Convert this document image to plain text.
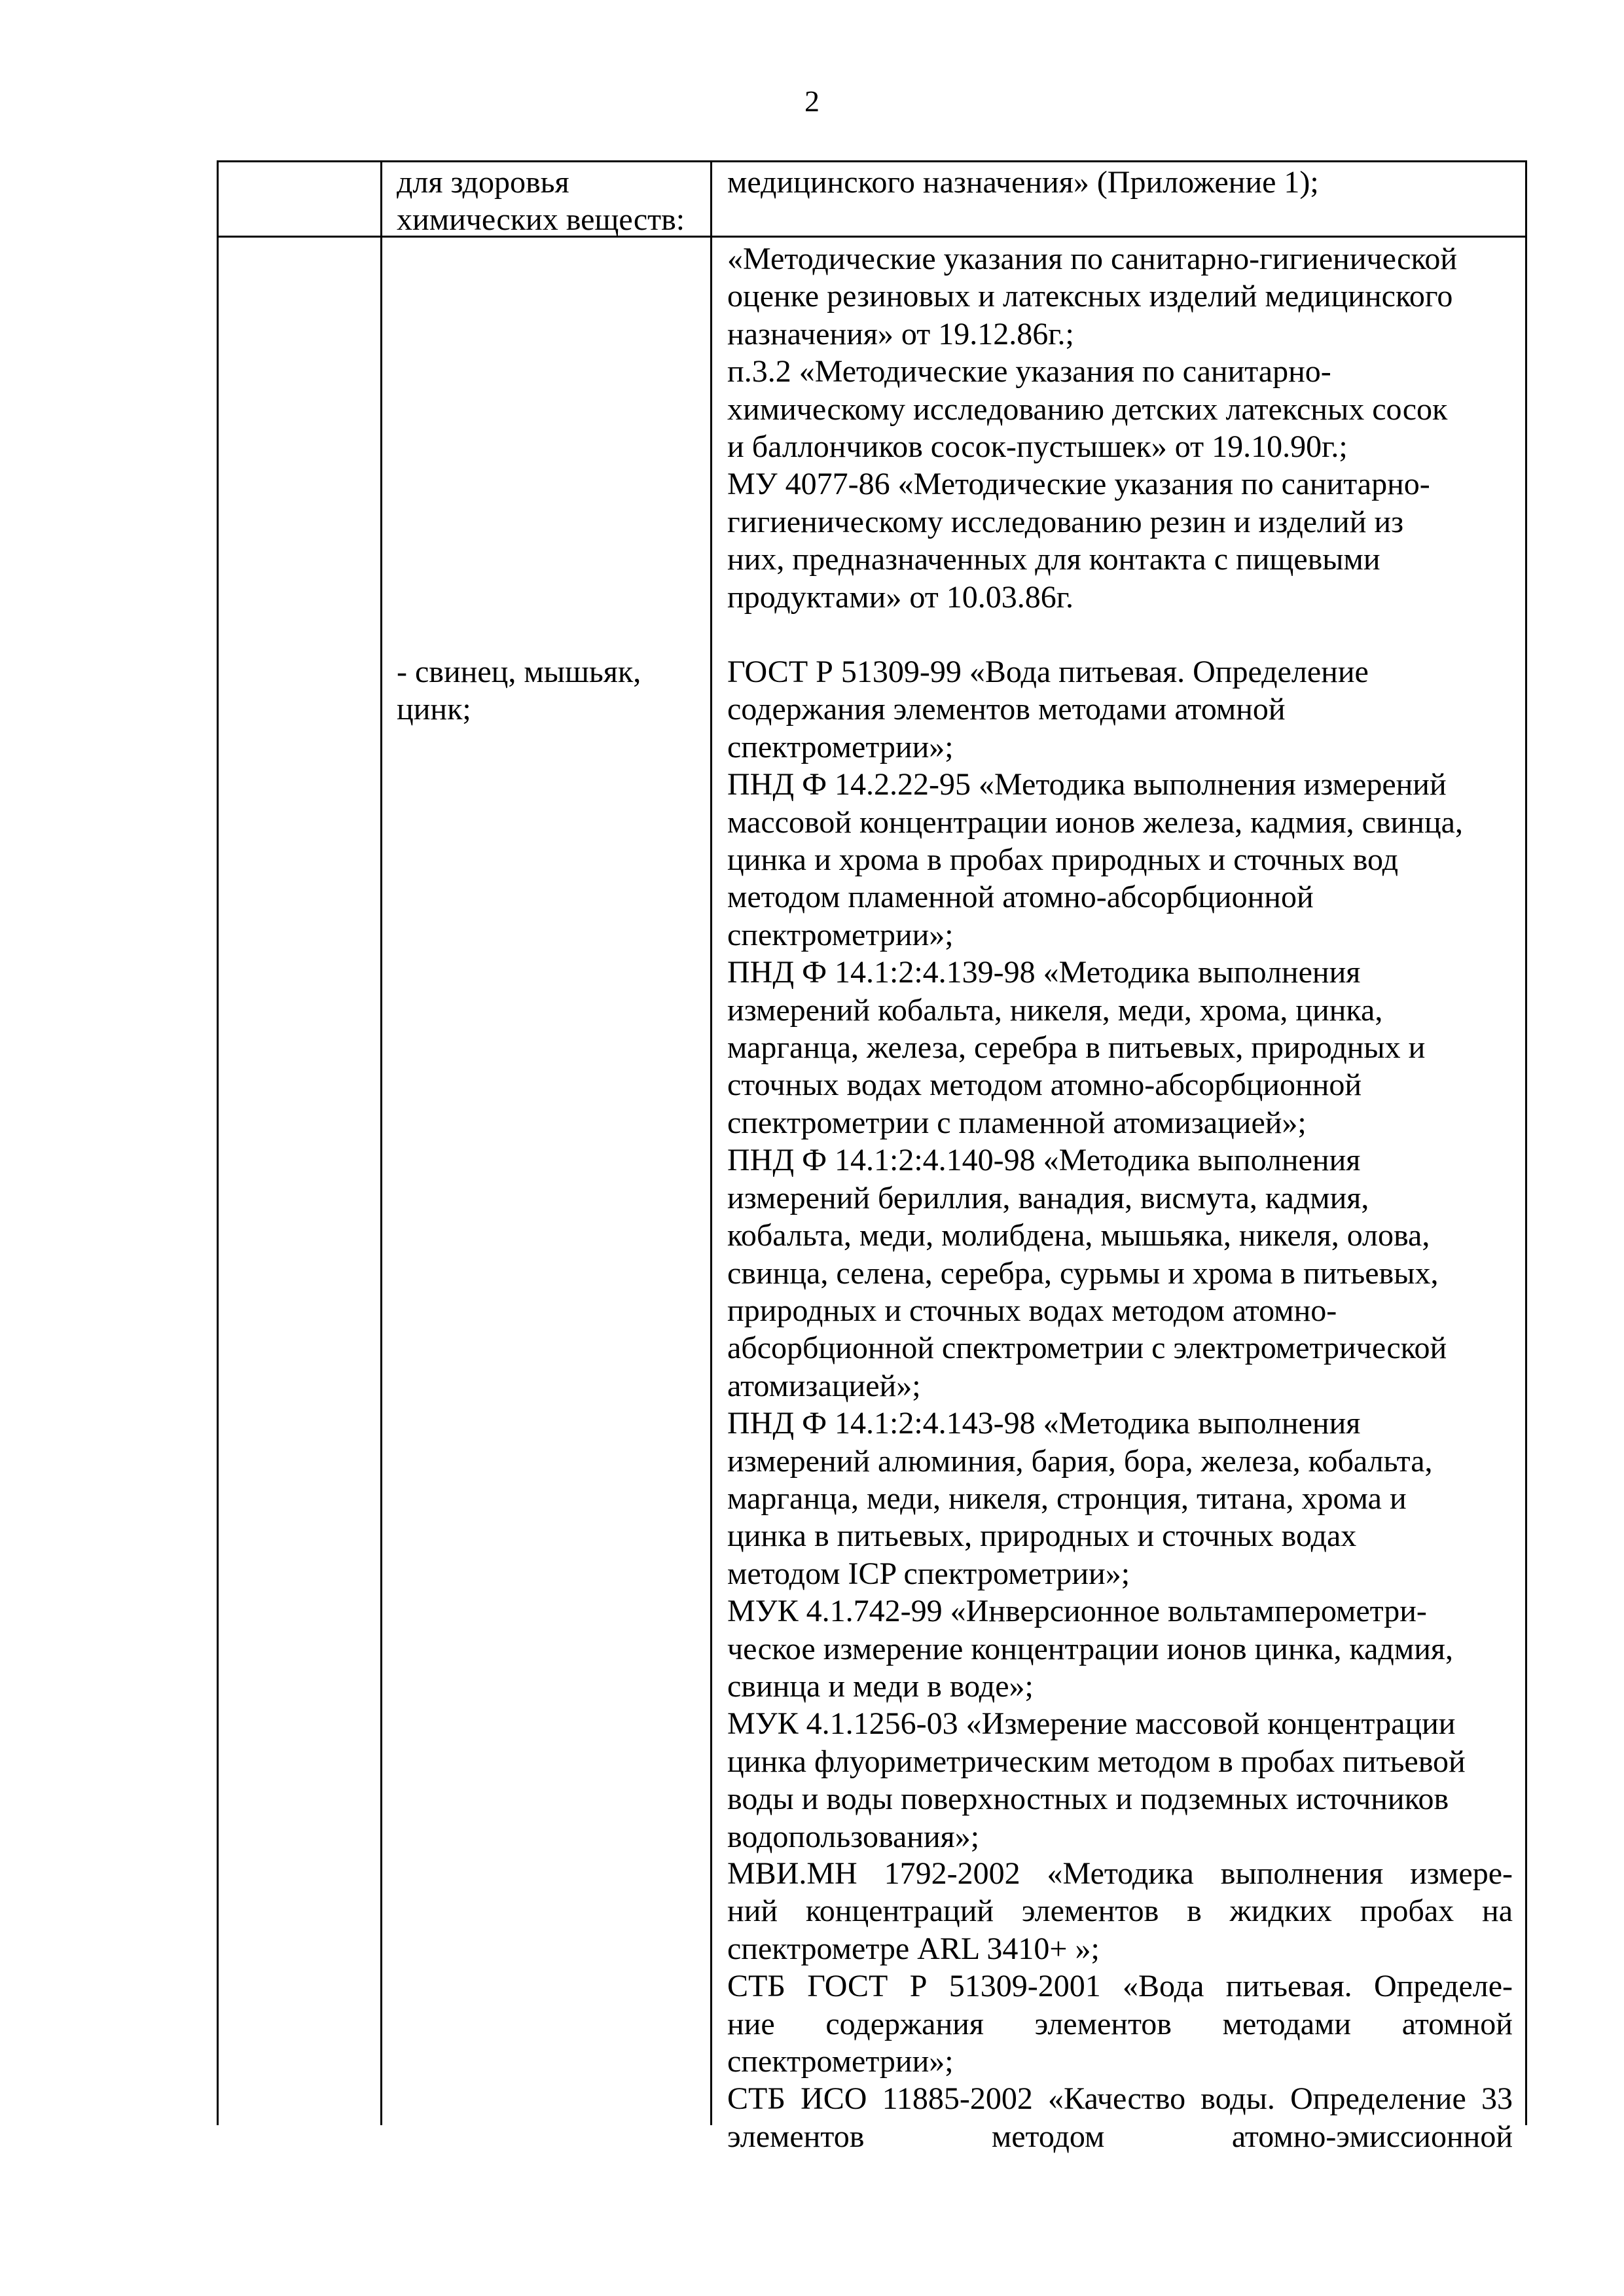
2
для здоровья
химических веществ:
медицинского назначения» (Приложение 1);
- свинец, мышьяк,
цинк;
«Методические указания по санитарно-гигиенической
оценке резиновых и латексных изделий медицинского
назначения» от 19.12.86г.;
п.3.2 «Методические указания по санитарно-
химическому исследованию детских латексных сосок
и баллончиков сосок-пустышек» от 19.10.90г.;
МУ 4077-86 «Методические указания по санитарно-
гигиеническому исследованию резин и изделий из
них, предназначенных для контакта с пищевыми
продуктами» от 10.03.86г.
ГОСТ Р 51309-99 «Вода питьевая. Определение
содержания элементов методами атомной
спектрометрии»;
ПНД Ф 14.2.22-95 «Методика выполнения измерений
массовой концентрации ионов железа, кадмия, свинца,
цинка и хрома в пробах природных и сточных вод
методом пламенной атомно-абсорбционной
спектрометрии»;
ПНД Ф 14.1:2:4.139-98 «Методика выполнения
измерений кобальта, никеля, меди, хрома, цинка,
марганца, железа, серебра в питьевых, природных и
сточных водах методом атомно-абсорбционной
спектрометрии с пламенной атомизацией»;
ПНД Ф 14.1:2:4.140-98 «Методика выполнения
измерений бериллия, ванадия, висмута, кадмия,
кобальта, меди, молибдена, мышьяка, никеля, олова,
свинца, селена, серебра, сурьмы и хрома в питьевых,
природных и сточных водах методом атомно-
абсорбционной спектрометрии с электрометрической
атомизацией»;
ПНД Ф 14.1:2:4.143-98 «Методика выполнения
измерений алюминия, бария, бора, железа, кобальта,
марганца, меди, никеля, стронция, титана, хрома и
цинка в питьевых, природных и сточных водах
методом ICP спектрометрии»;
МУК 4.1.742-99 «Инверсионное вольтамперометри-
ческое измерение концентрации ионов цинка, кадмия,
свинца и меди в воде»;
МУК 4.1.1256-03 «Измерение массовой концентрации
цинка флуориметрическим методом в пробах питьевой
воды и воды поверхностных и подземных источников
водопользования»;
МВИ.МН 1792-2002 «Методика выполнения измере-
ний концентраций элементов в жидких пробах на
спектрометре ARL 3410+ »;
СТБ ГОСТ Р 51309-2001 «Вода питьевая. Определе-
ние содержания элементов методами атомной
спектрометрии»;
СТБ ИСО 11885-2002 «Качество воды. Определение 33
элементов методом атомно-эмиссионной
